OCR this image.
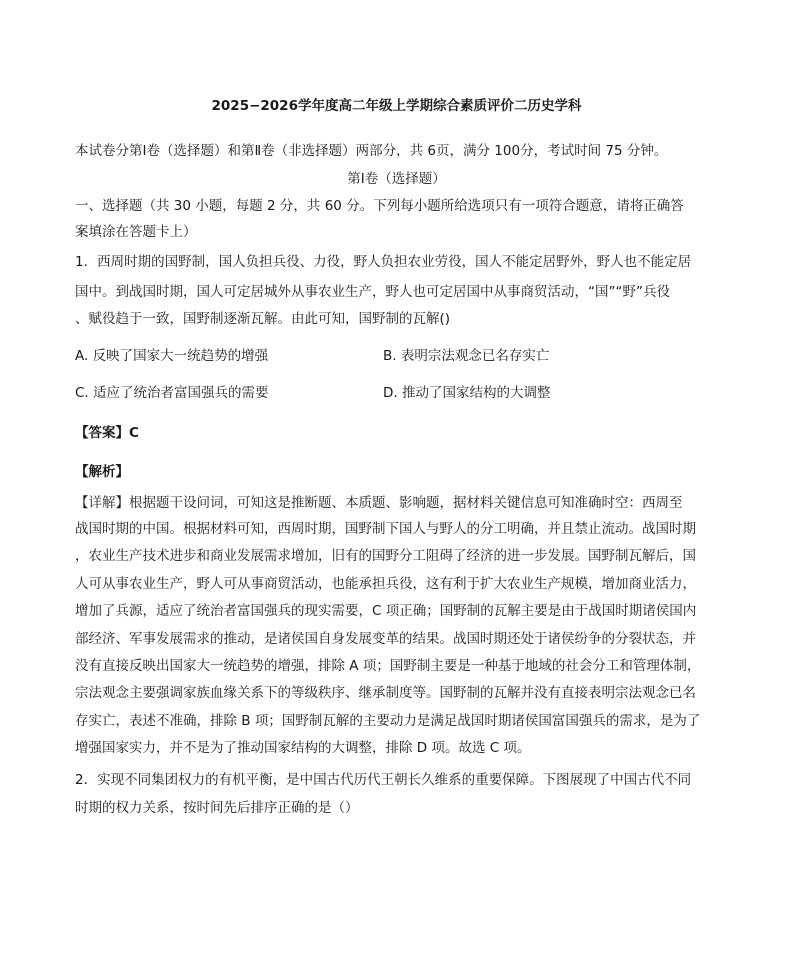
2025−2026学年度高二年级上学期综合素质评价二历史学科
本试卷分第Ⅰ卷（选择题）和第Ⅱ卷（非选择题）两部分，共 6页，满分 100分，考试时间 75 分钟。
第Ⅰ卷（选择题）
一、选择题（共 30 小题，每题 2 分，共 60 分。下列每小题所给选项只有一项符合题意，请将正确答
案填涂在答题卡上）
1．西周时期的国野制，国人负担兵役、力役，野人负担农业劳役，国人不能定居野外，野人也不能定居
国中。到战国时期，国人可定居城外从事农业生产，野人也可定居国中从事商贸活动，“国”“野”兵役
、赋役趋于一致，国野制逐渐瓦解。由此可知，国野制的瓦解()
A. 反映了国家大一统趋势的增强	B. 表明宗法观念已名存实亡
C. 适应了统治者富国强兵的需要	D. 推动了国家结构的大调整
【答案】C
【解析】
【详解】根据题干设问词，可知这是推断题、本质题、影响题，据材料关键信息可知准确时空：西周至
战国时期的中国。根据材料可知，西周时期，国野制下国人与野人的分工明确，并且禁止流动。战国时期
，农业生产技术进步和商业发展需求增加，旧有的国野分工阻碍了经济的进一步发展。国野制瓦解后，国
人可从事农业生产，野人可从事商贸活动，也能承担兵役，这有利于扩大农业生产规模，增加商业活力，
增加了兵源，适应了统治者富国强兵的现实需要，C 项正确；国野制的瓦解主要是由于战国时期诸侯国内
部经济、军事发展需求的推动，是诸侯国自身发展变革的结果。战国时期还处于诸侯纷争的分裂状态，并
没有直接反映出国家大一统趋势的增强，排除 A 项；国野制主要是一种基于地域的社会分工和管理体制，
宗法观念主要强调家族血缘关系下的等级秩序、继承制度等。国野制的瓦解并没有直接表明宗法观念已名
存实亡，表述不准确，排除 B 项；国野制瓦解的主要动力是满足战国时期诸侯国富国强兵的需求，是为了
增强国家实力，并不是为了推动国家结构的大调整，排除 D 项。故选 C 项。
2．实现不同集团权力的有机平衡，是中国古代历代王朝长久维系的重要保障。下图展现了中国古代不同
时期的权力关系，按时间先后排序正确的是（）
